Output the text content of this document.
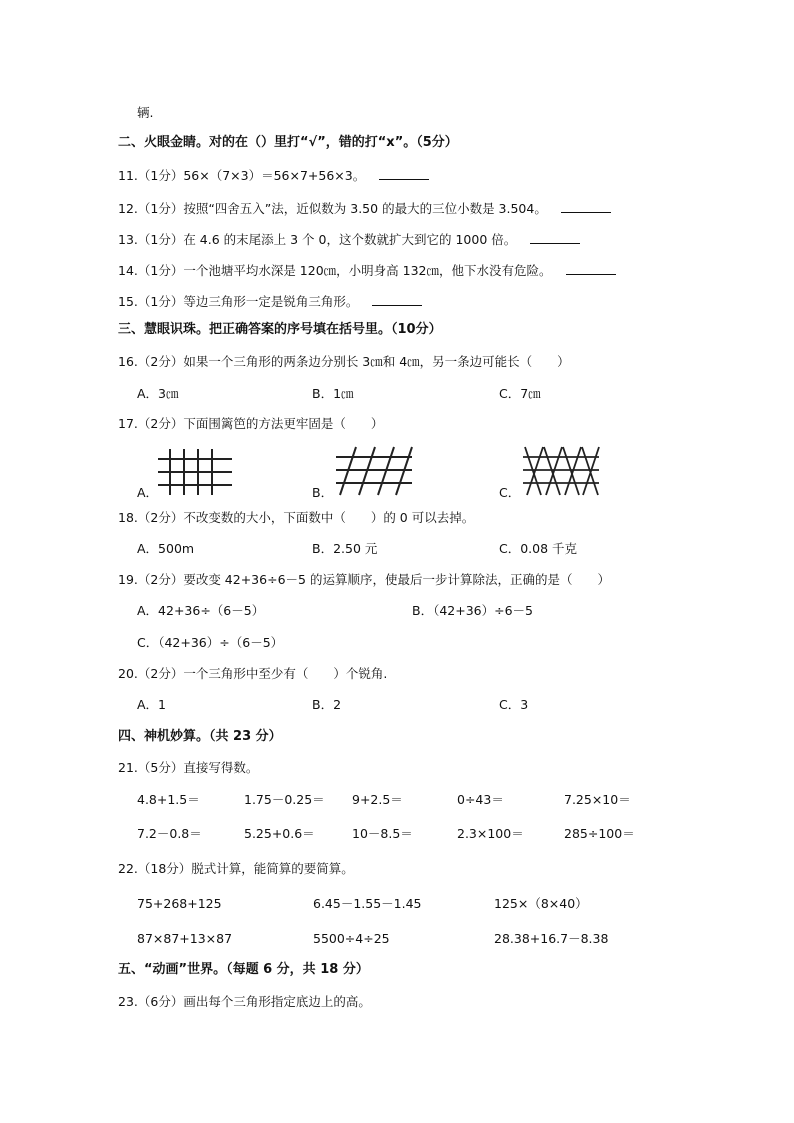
辆.
二、火眼金睛。对的在（）里打“√”，错的打“x”。（5分）
11.（1分）56×（7×3）＝56×7+56×3。
12.（1分）按照“四舍五入”法，近似数为 3.50 的最大的三位小数是 3.504。
13.（1分）在 4.6 的末尾添上 3 个 0，这个数就扩大到它的 1000 倍。
14.（1分）一个池塘平均水深是 120㎝，小明身高 132㎝，他下水没有危险。
15.（1分）等边三角形一定是锐角三角形。
三、慧眼识珠。把正确答案的序号填在括号里。（10分）
16.（2分）如果一个三角形的两条边分别长 3㎝和 4㎝，另一条边可能长（　　）
A．3㎝	B．1㎝	C．7㎝
17.（2分）下面围篱笆的方法更牢固是（　　）
A．	B．	C．
18.（2分）不改变数的大小，下面数中（　　）的 0 可以去掉。
A．500m	B．2.50 元	C．0.08 千克
19.（2分）要改变 42+36÷6－5 的运算顺序，使最后一步计算除法，正确的是（　　）
A．42+36÷（6－5）	B．（42+36）÷6－5
C．（42+36）÷（6－5）
20.（2分）一个三角形中至少有（　　）个锐角.
A．1	B．2	C．3
四、神机妙算。（共 23 分）
21.（5分）直接写得数。
22.（18分）脱式计算，能简算的要简算。
五、“动画”世界。（每题 6 分，共 18 分）
23.（6分）画出每个三角形指定底边上的高。
4.8+1.5＝	1.75－0.25＝ 9+2.5＝	0÷43＝	7.25×10＝
7.2－0.8＝	5.25+0.6＝	10－8.5＝	2.3×100＝	285÷100＝
75+268+125	6.45－1.55－1.45	125×（8×40）
87×87+13×87	5500÷4÷25	28.38+16.7－8.38
